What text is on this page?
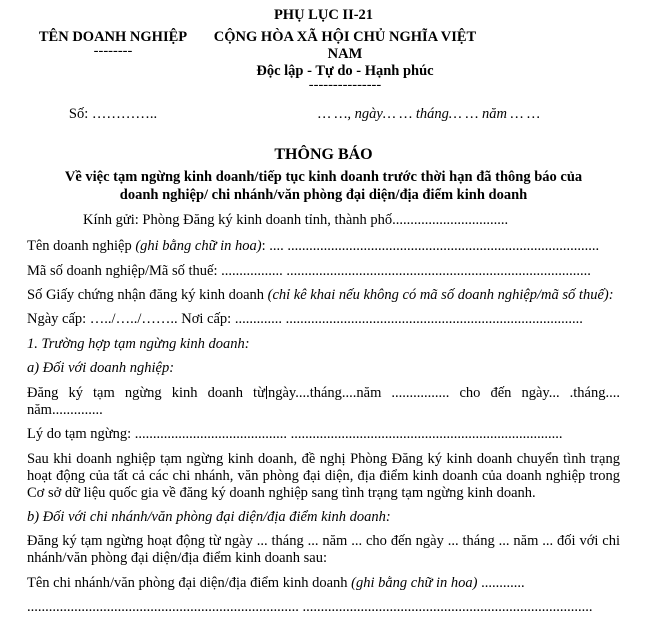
PHỤ LỤC II-21
TÊN DOANH NGHIỆP
--------
CỘNG HÒA XÃ HỘI CHỦ NGHĨA VIỆT NAM
Độc lập - Tự do - Hạnh phúc
---------------
Số: …………..	… …, ngày… … tháng… … năm … …
THÔNG BÁO
Về việc tạm ngừng kinh doanh/tiếp tục kinh doanh trước thời hạn đã thông báo của doanh nghiệp/ chi nhánh/văn phòng đại diện/địa điểm kinh doanh

Kính gửi: Phòng Đăng ký kinh doanh tỉnh, thành phố................................

Tên doanh nghiệp (ghi bằng chữ in hoa): .... ......................................................................................

Mã số doanh nghiệp/Mã số thuế: ................. ....................................................................................

Số Giấy chứng nhận đăng ký kinh doanh (chỉ kê khai nếu không có mã số doanh nghiệp/mã số thuế):

Ngày cấp: …../…../…….. Nơi cấp: ............. ..................................................................................

1. Trường hợp tạm ngừng kinh doanh:

a) Đối với doanh nghiệp:

Đăng ký tạm ngừng kinh doanh từ ngày....tháng....năm ................ cho đến ngày... .tháng.... năm..............

Lý do tạm ngừng: .......................................... ...........................................................................

Sau khi doanh nghiệp tạm ngừng kinh doanh, đề nghị Phòng Đăng ký kinh doanh chuyển tình trạng hoạt động của tất cả các chi nhánh, văn phòng đại diện, địa điểm kinh doanh của doanh nghiệp trong Cơ sở dữ liệu quốc gia về đăng ký doanh nghiệp sang tình trạng tạm ngừng kinh doanh.

b) Đối với chi nhánh/văn phòng đại diện/địa điểm kinh doanh:

Đăng ký tạm ngừng hoạt động từ ngày ... tháng ... năm ... cho đến ngày ... tháng ... năm ... đối với chi nhánh/văn phòng đại diện/địa điểm kinh doanh sau:

Tên chi nhánh/văn phòng đại diện/địa điểm kinh doanh (ghi bằng chữ in hoa) ............

........................................................................... ................................................................................
